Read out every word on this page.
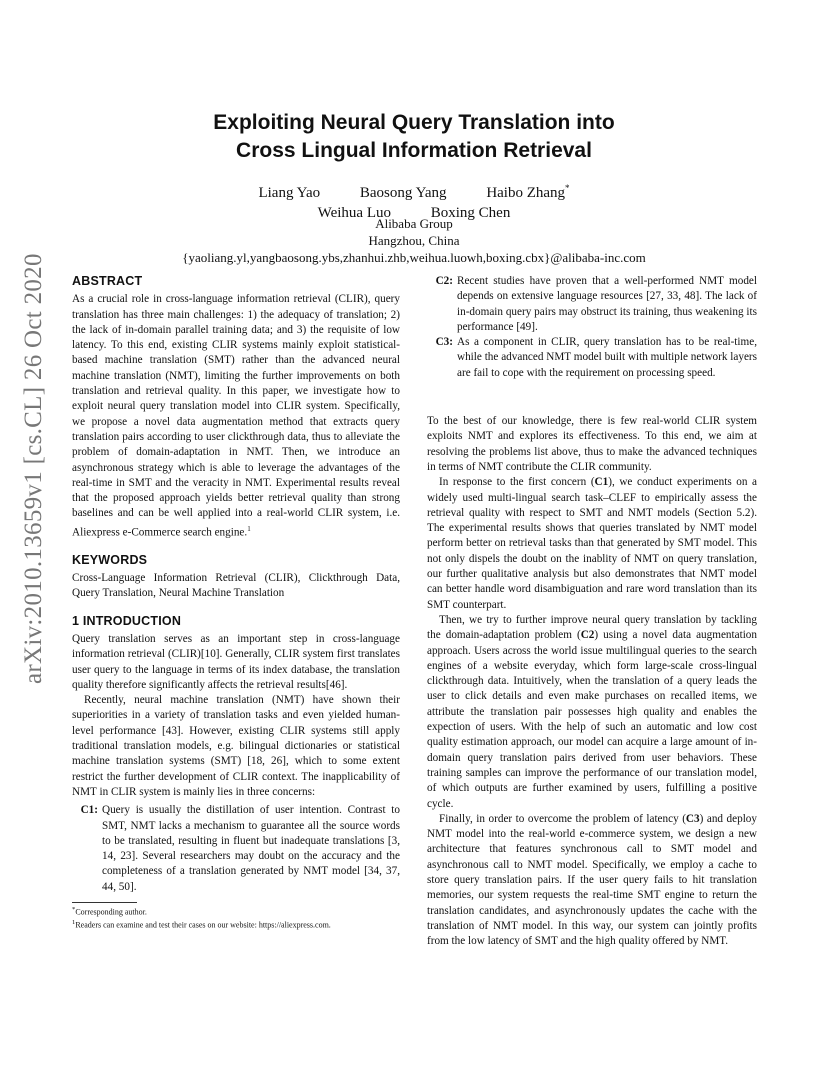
arXiv:2010.13659v1 [cs.CL] 26 Oct 2020
Exploiting Neural Query Translation into
Cross Lingual Information Retrieval
Liang Yao	Baosong Yang	Haibo Zhang*
Weihua Luo	Boxing Chen
Alibaba Group
Hangzhou, China
{yaoliang.yl,yangbaosong.ybs,zhanhui.zhb,weihua.luowh,boxing.cbx}@alibaba-inc.com
ABSTRACT

As a crucial role in cross-language information retrieval (CLIR), query translation has three main challenges: 1) the adequacy of translation; 2) the lack of in-domain parallel training data; and 3) the requisite of low latency. To this end, existing CLIR systems mainly exploit statistical-based machine translation (SMT) rather than the advanced neural machine translation (NMT), limiting the further improvements on both translation and retrieval quality. In this paper, we investigate how to exploit neural query translation model into CLIR system. Specifically, we propose a novel data augmentation method that extracts query translation pairs according to user clickthrough data, thus to alleviate the problem of domain-adaptation in NMT. Then, we introduce an asynchronous strategy which is able to leverage the advantages of the real-time in SMT and the veracity in NMT. Experimental results reveal that the proposed approach yields better retrieval quality than strong baselines and can be well applied into a real-world CLIR system, i.e. Aliexpress e-Commerce search engine.$^1$

KEYWORDS

Cross-Language Information Retrieval (CLIR), Clickthrough Data, Query Translation, Neural Machine Translation

1 INTRODUCTION

Query translation serves as an important step in cross-language information retrieval (CLIR)[10]. Generally, CLIR system first translates user query to the language in terms of its index database, the translation quality therefore significantly affects the retrieval results[46].

Recently, neural machine translation (NMT) have shown their superiorities in a variety of translation tasks and even yielded human-level performance [43]. However, existing CLIR systems still apply traditional translation models, e.g. bilingual dictionaries or statistical machine translation systems (SMT) [18, 26], which to some extent restrict the further development of CLIR context. The inapplicability of NMT in CLIR system is mainly lies in three concerns:

C1: Query is usually the distillation of user intention. Contrast to SMT, NMT lacks a mechanism to guarantee all the source words to be translated, resulting in fluent but inadequate translations [3, 14, 23]. Several researchers may doubt on the accuracy and the completeness of a translation generated by NMT model [34, 37, 44, 50].
*Corresponding author.
$^1$Readers can examine and test their cases on our website: https://aliexpress.com.
C2: Recent studies have proven that a well-performed NMT model depends on extensive language resources [27, 33, 48]. The lack of in-domain query pairs may obstruct its training, thus weakening its performance [49].
C3: As a component in CLIR, query translation has to be real-time, while the advanced NMT model built with multiple network layers are fail to cope with the requirement on processing speed.

To the best of our knowledge, there is few real-world CLIR system exploits NMT and explores its effectiveness. To this end, we aim at resolving the problems list above, thus to make the advanced techniques in terms of NMT contribute the CLIR community.

In response to the first concern (C1), we conduct experiments on a widely used multi-lingual search task–CLEF to empirically assess the retrieval quality with respect to SMT and NMT models (Section 5.2). The experimental results shows that queries translated by NMT model perform better on retrieval tasks than that generated by SMT model. This not only dispels the doubt on the inablity of NMT on query translation, our further qualitative analysis but also demonstrates that NMT model can better handle word disambiguation and rare word translation than its SMT counterpart.

Then, we try to further improve neural query translation by tackling the domain-adaptation problem (C2) using a novel data augmentation approach. Users across the world issue multilingual queries to the search engines of a website everyday, which form large-scale cross-lingual clickthrough data. Intuitively, when the translation of a query leads the user to click details and even make purchases on recalled items, we attribute the translation pair possesses high quality and enables the expection of users. With the help of such an automatic and low cost quality estimation approach, our model can acquire a large amount of in-domain query translation pairs derived from user behaviors. These training samples can improve the performance of our translation model, of which outputs are further examined by users, fulfilling a positive cycle.

Finally, in order to overcome the problem of latency (C3) and deploy NMT model into the real-world e-commerce system, we design a new architecture that features synchronous call to SMT model and asynchronous call to NMT model. Specifically, we employ a cache to store query translation pairs. If the user query fails to hit translation memories, our system requests the real-time SMT engine to return the translation candidates, and asynchronously updates the cache with the translation of NMT model. In this way, our system can jointly profits from the low latency of SMT and the high quality offered by NMT.
